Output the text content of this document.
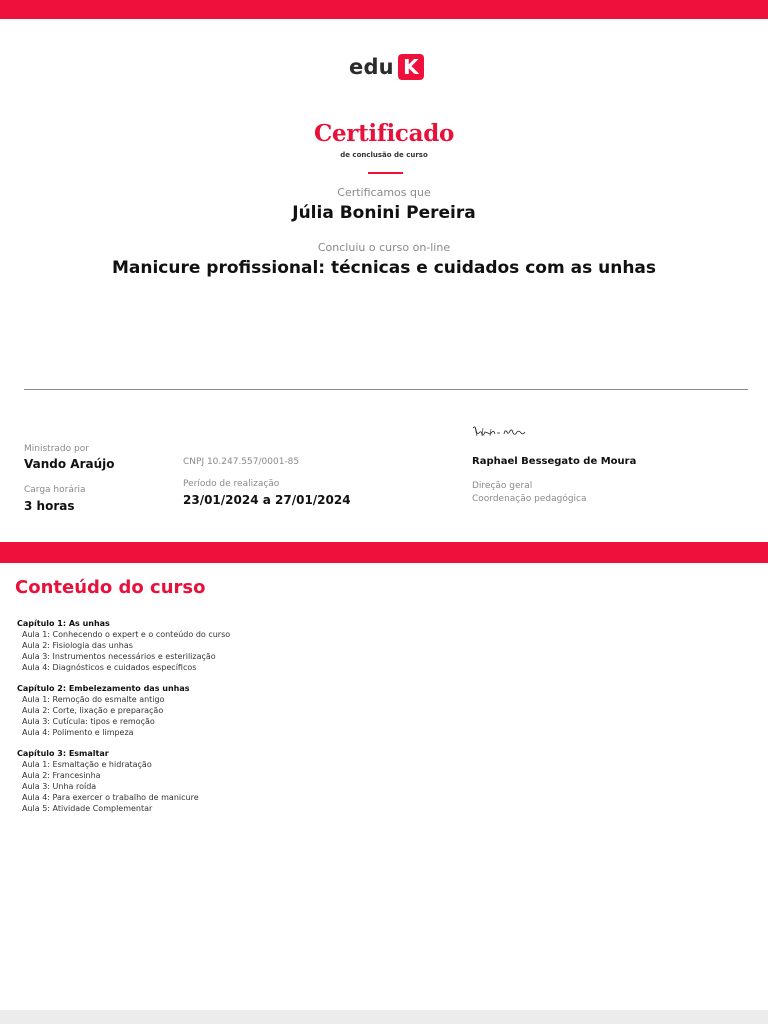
edu K
Certificado
de conclusão de curso
Certificamos que
Júlia Bonini Pereira
Concluiu o curso on-line
Manicure profissional: técnicas e cuidados com as unhas
Ministrado por
Vando Araújo
Carga horária
3 horas
CNPJ 10.247.557/0001-85
Período de realização
23/01/2024 a 27/01/2024
Raphael Bessegato de Moura
Direção geral
Coordenação pedagógica
Conteúdo do curso
Capítulo 1: As unhas
Aula 1: Conhecendo o expert e o conteúdo do curso
Aula 2: Fisiologia das unhas
Aula 3: Instrumentos necessários e esterilização
Aula 4: Diagnósticos e cuidados específicos
Capítulo 2: Embelezamento das unhas
Aula 1: Remoção do esmalte antigo
Aula 2: Corte, lixação e preparação
Aula 3: Cutícula: tipos e remoção
Aula 4: Polimento e limpeza
Capítulo 3: Esmaltar
Aula 1: Esmaltação e hidratação
Aula 2: Francesinha
Aula 3: Unha roída
Aula 4: Para exercer o trabalho de manicure
Aula 5: Atividade Complementar
